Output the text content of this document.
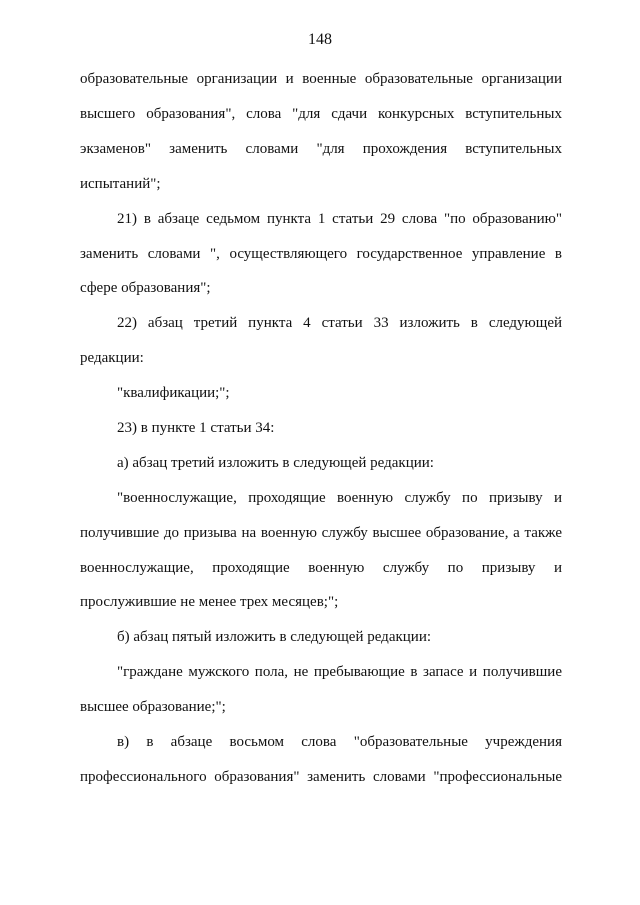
148
образовательные организации и военные образовательные организации
высшего образования", слова "для сдачи конкурсных вступительных
экзаменов" заменить словами "для прохождения вступительных
испытаний";
21) в абзаце седьмом пункта 1 статьи 29 слова "по образованию"
заменить словами ", осуществляющего государственное управление в
сфере образования";
22) абзац третий пункта 4 статьи 33 изложить в следующей
редакции:
"квалификации;";
23) в пункте 1 статьи 34:
а) абзац третий изложить в следующей редакции:
"военнослужащие, проходящие военную службу по призыву и
получившие до призыва на военную службу высшее образование, а также
военнослужащие, проходящие военную службу по призыву и
прослужившие не менее трех месяцев;";
б) абзац пятый изложить в следующей редакции:
"граждане мужского пола, не пребывающие в запасе и получившие
высшее образование;";
в) в абзаце восьмом слова "образовательные учреждения
профессионального образования" заменить словами "профессиональные
